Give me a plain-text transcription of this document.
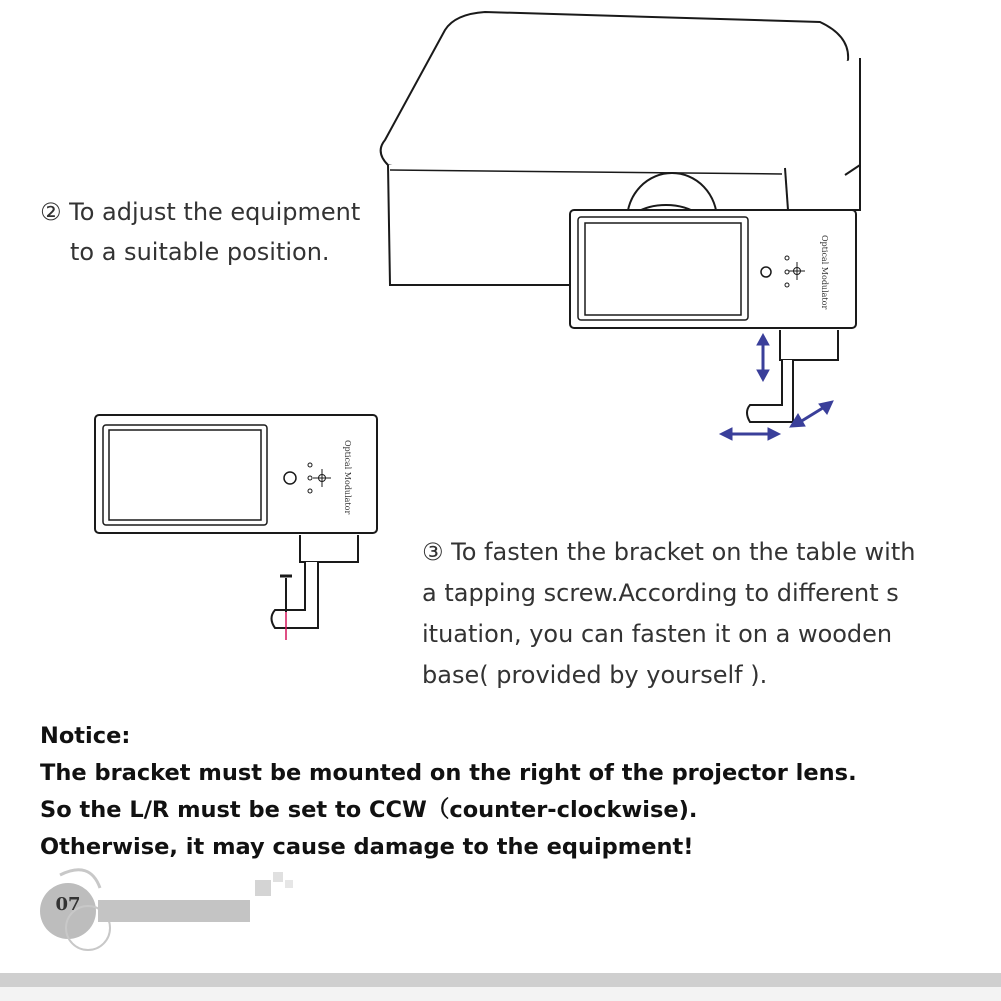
Optical Modulator
Optical Modulator
② To adjust the equipment
to a suitable position.
③ To fasten the bracket on the table with
a tapping screw.According to different s
ituation, you can fasten it on a wooden
base( provided by yourself ).
Notice:
The bracket must be mounted on the right of the projector lens.
So the L/R must be set to CCW（counter-clockwise).
Otherwise, it may cause damage to the equipment!
07
